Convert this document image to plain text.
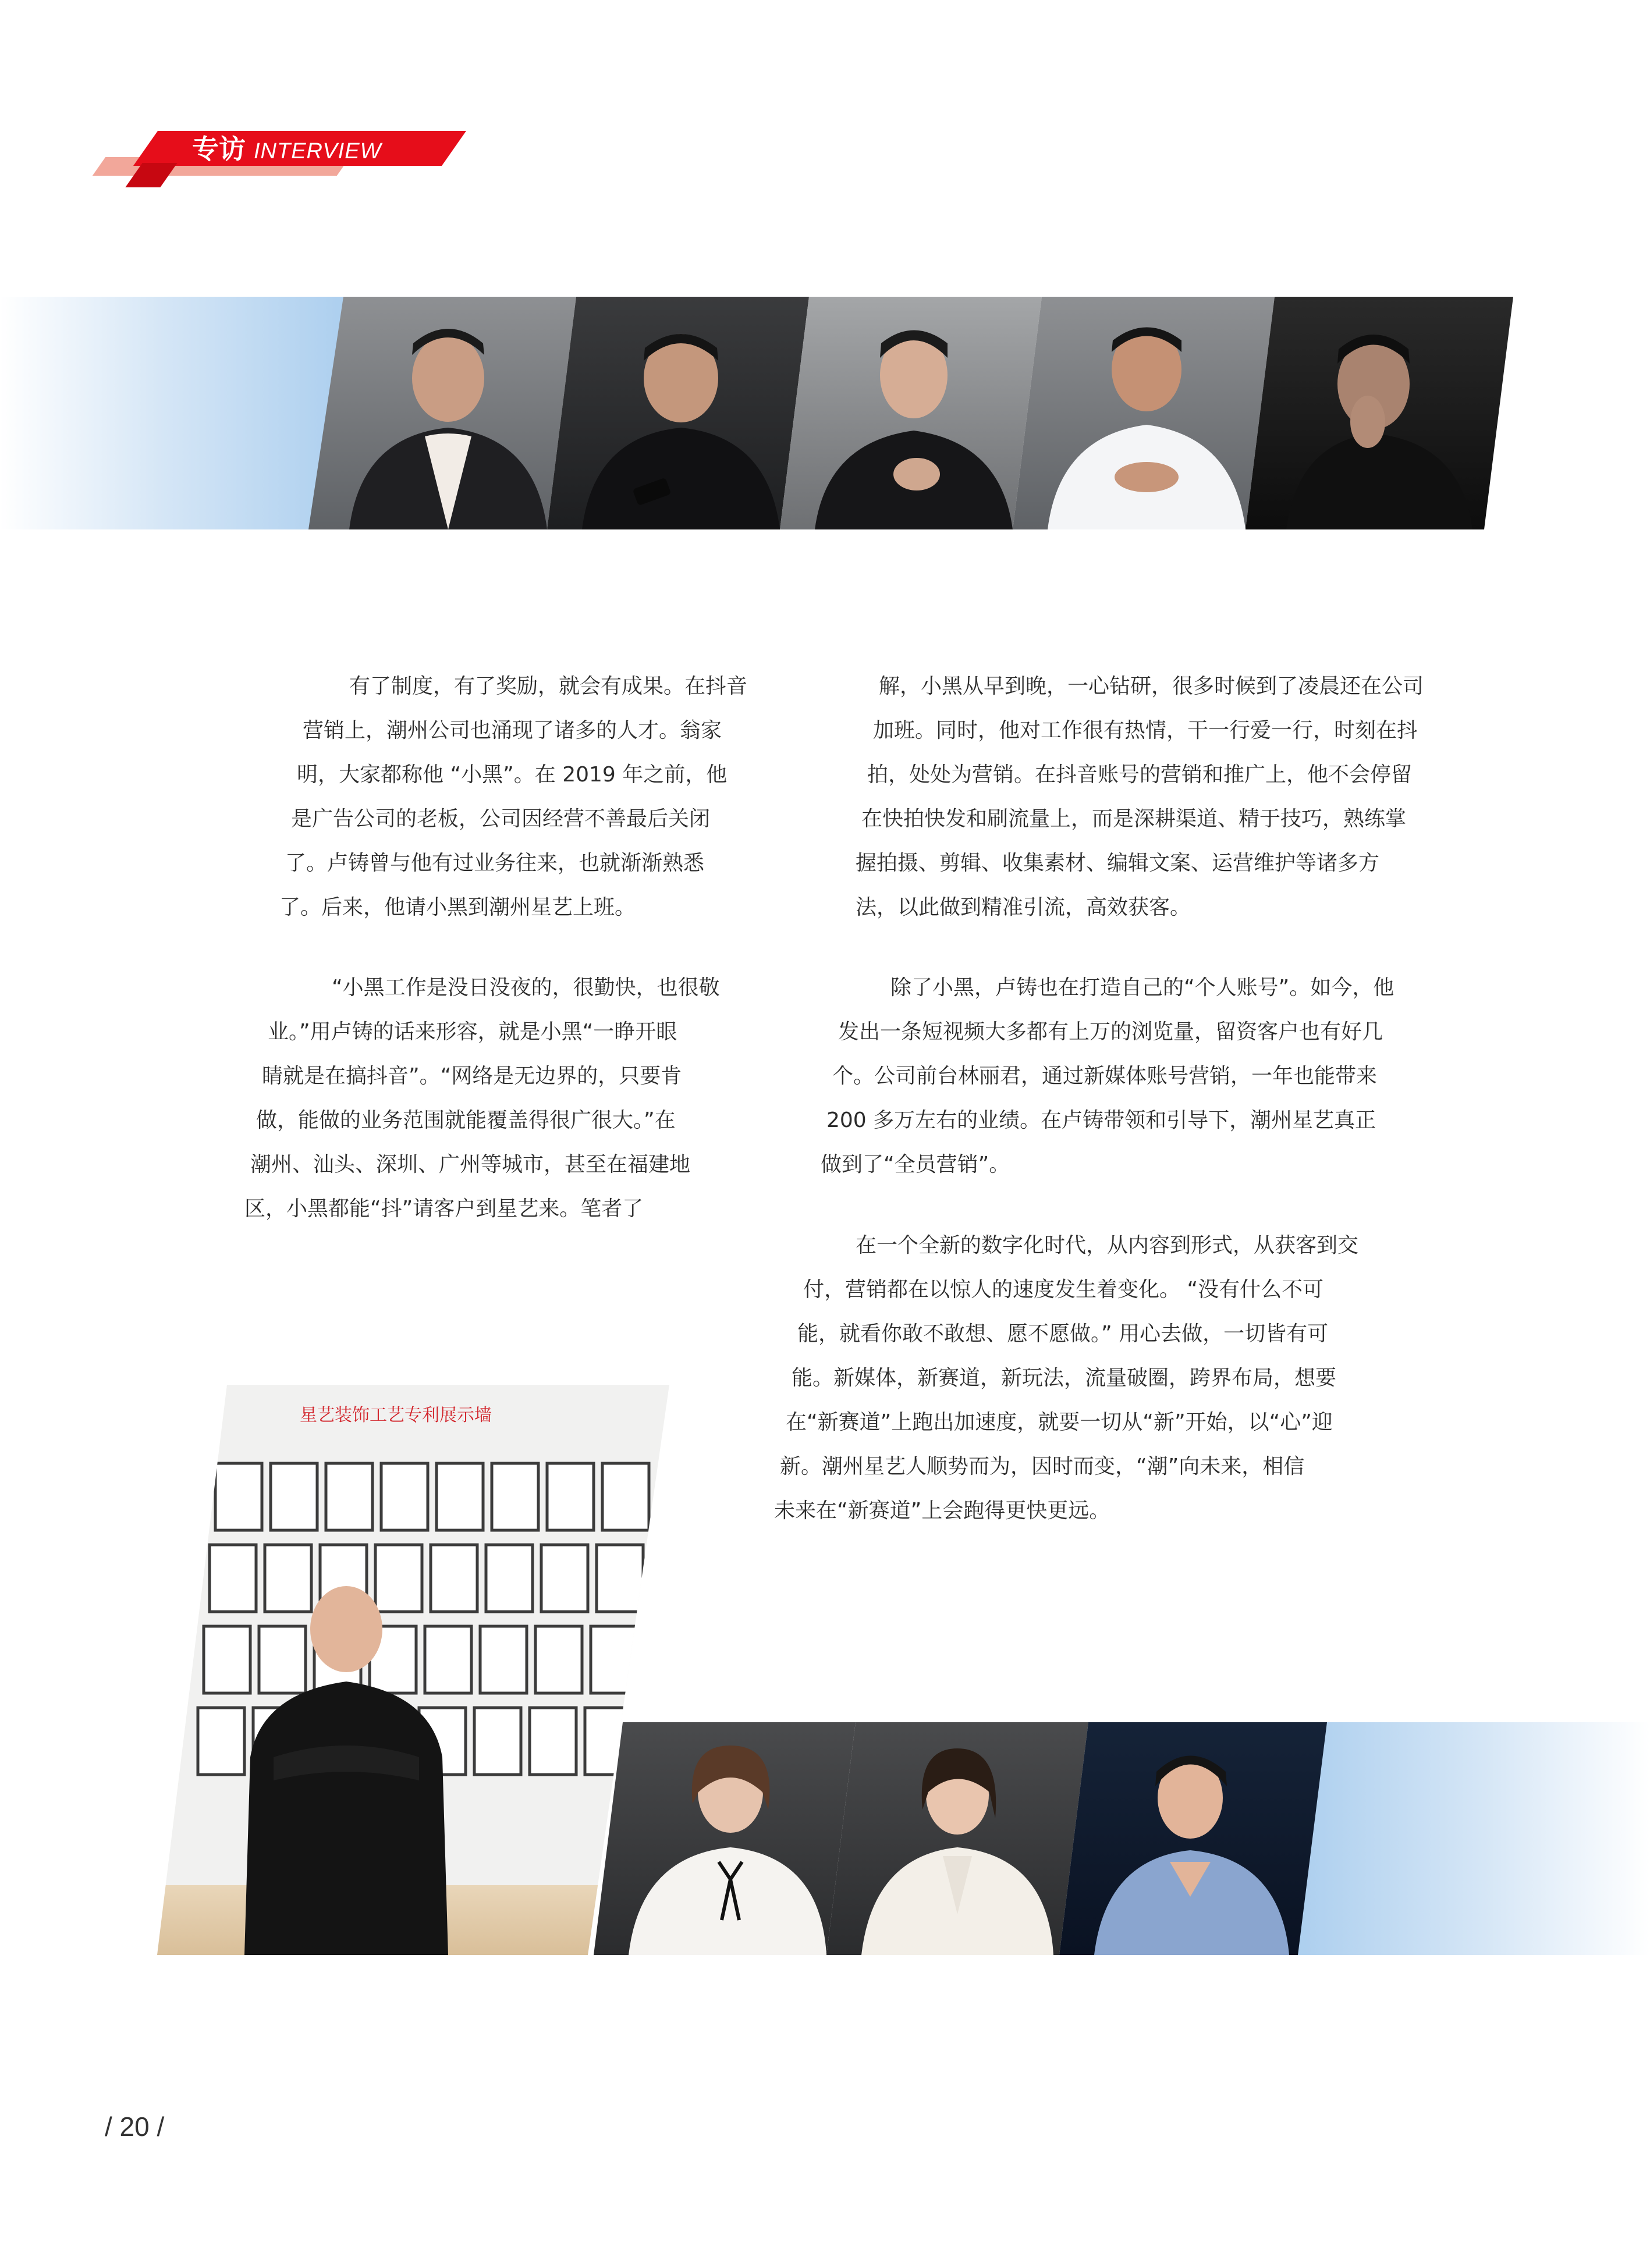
专访 INTERVIEW
有了制度，有了奖励，就会有成果。在抖音
营销上，潮州公司也涌现了诸多的人才。翁家
明，大家都称他 “小黑”。在 2019 年之前，他
是广告公司的老板，公司因经营不善最后关闭
了。卢铸曾与他有过业务往来，也就渐渐熟悉
了。后来，他请小黑到潮州星艺上班。
“小黑工作是没日没夜的，很勤快，也很敬
业。”用卢铸的话来形容，就是小黑“一睁开眼
睛就是在搞抖音”。“网络是无边界的，只要肯
做，能做的业务范围就能覆盖得很广很大。”在
潮州、汕头、深圳、广州等城市，甚至在福建地
区，小黑都能“抖”请客户到星艺来。笔者了
解，小黑从早到晚，一心钻研，很多时候到了凌晨还在公司
加班。同时，他对工作很有热情，干一行爱一行，时刻在抖
拍，处处为营销。在抖音账号的营销和推广上，他不会停留
在快拍快发和刷流量上，而是深耕渠道、精于技巧，熟练掌
握拍摄、剪辑、收集素材、编辑文案、运营维护等诸多方
法，以此做到精准引流，高效获客。
除了小黑，卢铸也在打造自己的“个人账号”。如今，他
发出一条短视频大多都有上万的浏览量，留资客户也有好几
个。公司前台林丽君，通过新媒体账号营销，一年也能带来
200 多万左右的业绩。在卢铸带领和引导下，潮州星艺真正
做到了“全员营销”。
在一个全新的数字化时代，从内容到形式，从获客到交
付，营销都在以惊人的速度发生着变化。 “没有什么不可
能，就看你敢不敢想、愿不愿做。” 用心去做，一切皆有可
能。新媒体，新赛道，新玩法，流量破圈，跨界布局，想要
在“新赛道”上跑出加速度，就要一切从“新”开始，以“心”迎
新。潮州星艺人顺势而为，因时而变，“潮”向未来，相信
未来在“新赛道”上会跑得更快更远。
星艺装饰工艺专利展示墙
/ 20 /
